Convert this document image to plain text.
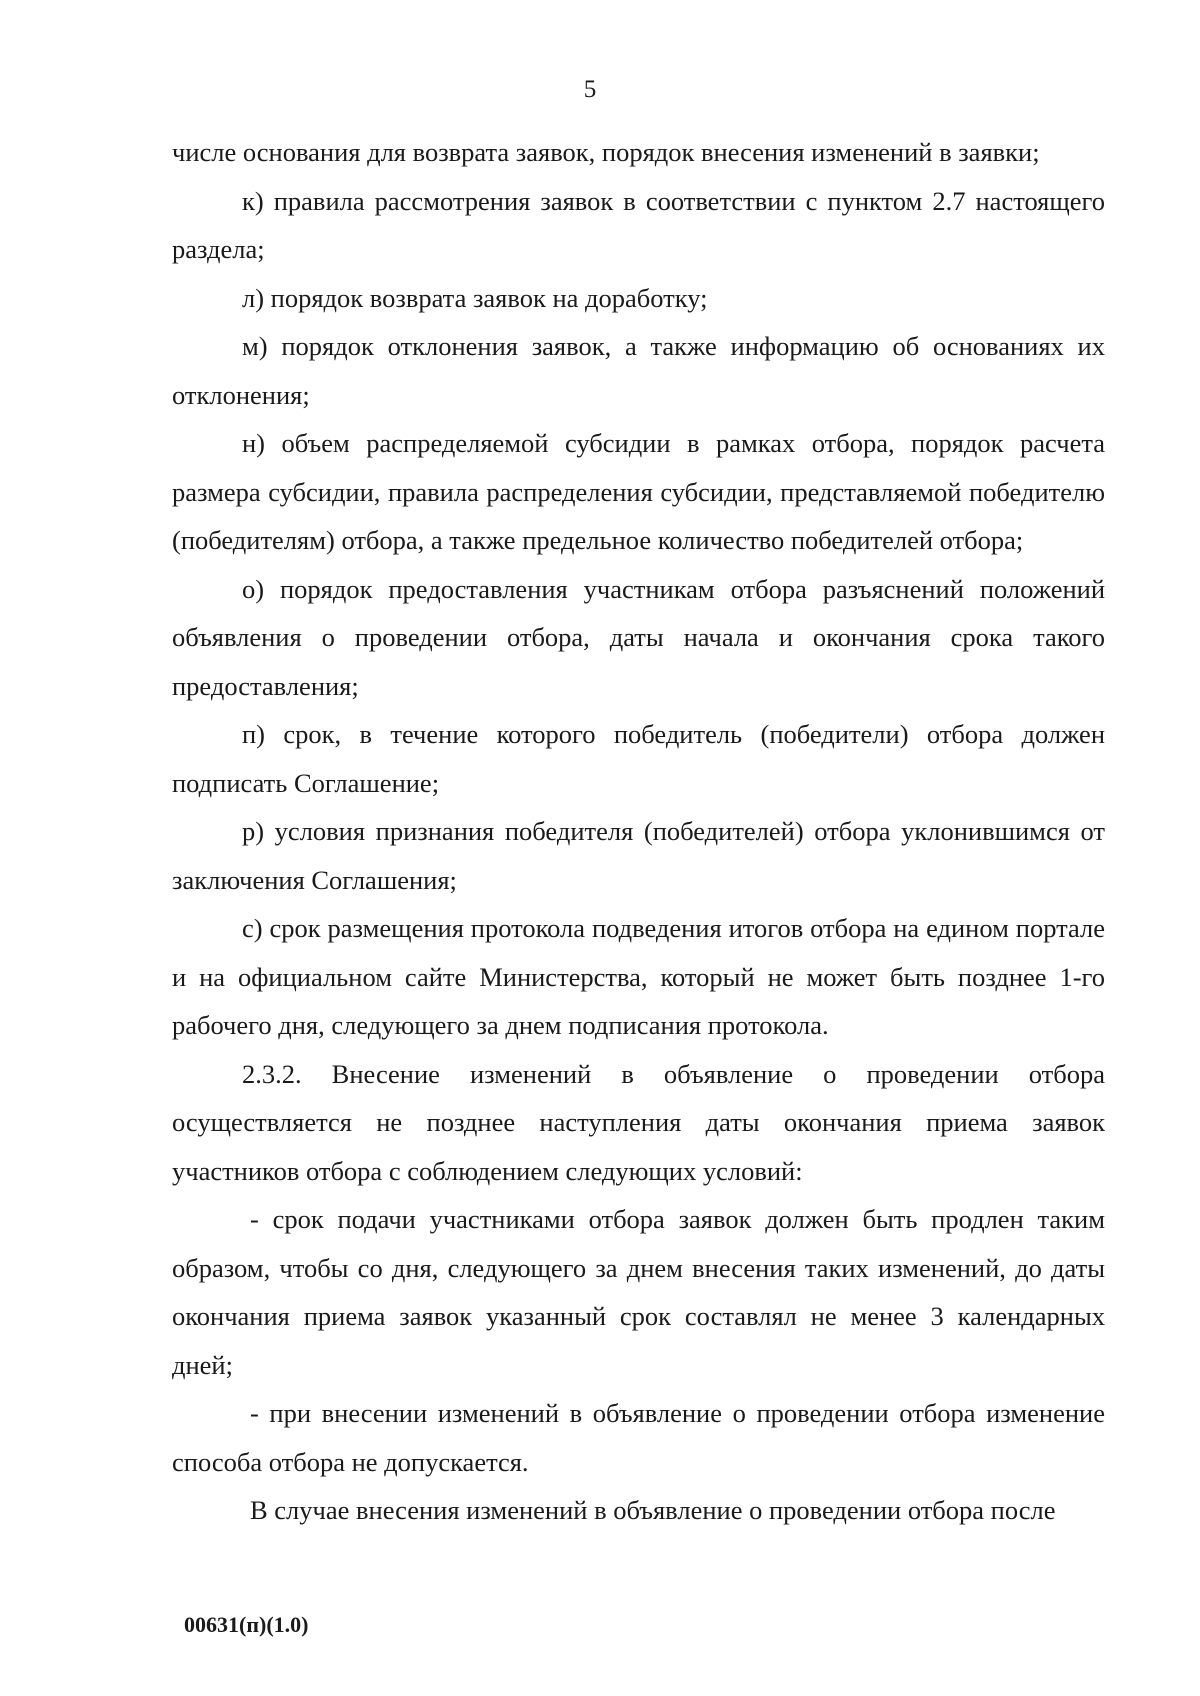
5

числе основания для возврата заявок, порядок внесения изменений в заявки;

к) правила рассмотрения заявок в соответствии с пунктом 2.7 настоящего раздела;

л) порядок возврата заявок на доработку;

м) порядок отклонения заявок, а также информацию об основаниях их отклонения;

н) объем распределяемой субсидии в рамках отбора, порядок расчета размера субсидии, правила распределения субсидии, представляемой победителю (победителям) отбора, а также предельное количество победителей отбора;

о) порядок предоставления участникам отбора разъяснений положений объявления о проведении отбора, даты начала и окончания срока такого предоставления;

п) срок, в течение которого победитель (победители) отбора должен подписать Соглашение;

р) условия признания победителя (победителей) отбора уклонившимся от заключения Соглашения;

с) срок размещения протокола подведения итогов отбора на едином портале и на официальном сайте Министерства, который не может быть позднее 1-го рабочего дня, следующего за днем подписания протокола.

2.3.2. Внесение изменений в объявление о проведении отбора осуществляется не позднее наступления даты окончания приема заявок участников отбора с соблюдением следующих условий:

- срок подачи участниками отбора заявок должен быть продлен таким образом, чтобы со дня, следующего за днем внесения таких изменений, до даты окончания приема заявок указанный срок составлял не менее 3 календарных дней;

- при внесении изменений в объявление о проведении отбора изменение способа отбора не допускается.

В случае внесения изменений в объявление о проведении отбора после

00631(п)(1.0)
